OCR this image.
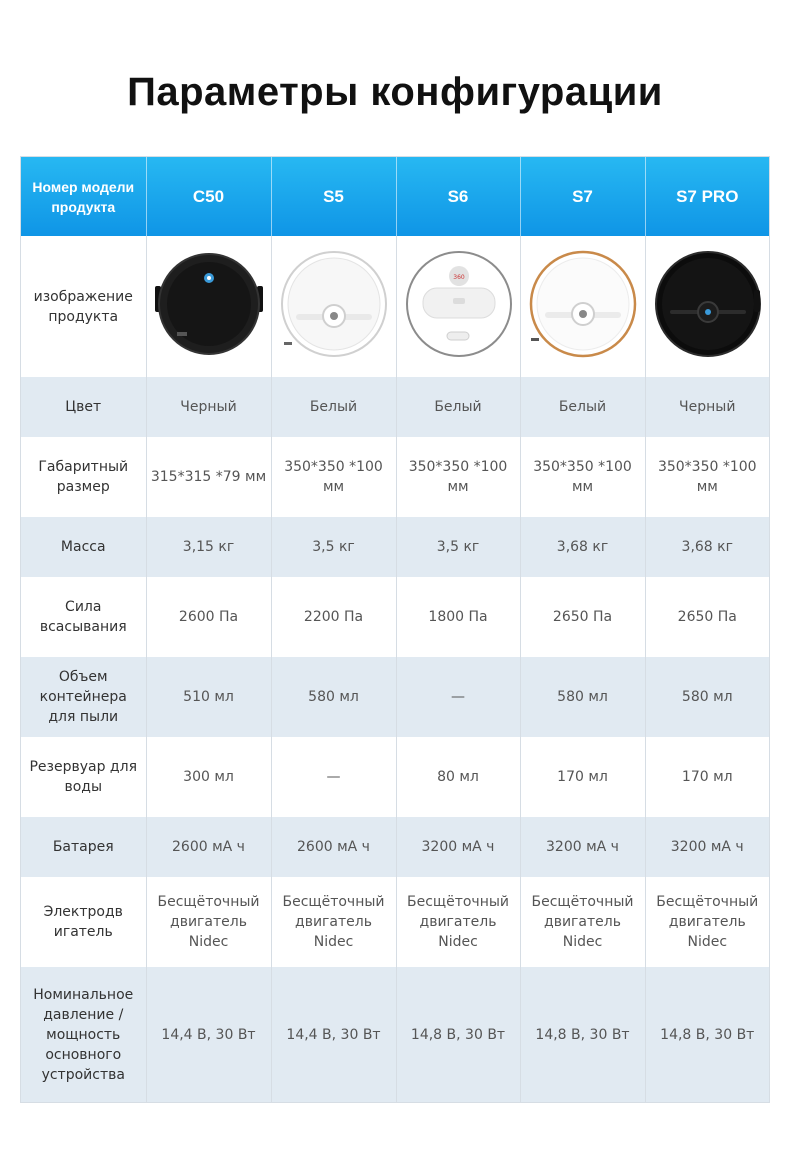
Параметры конфигурации
Номер модели продукта	C50	S5	S6	S7	S7 PRO
изображение продукта			360

Цвет	Черный	Белый	Белый	Белый	Черный
Габаритный размер	315*315 *79 мм	350*350 *100 мм	350*350 *100 мм	350*350 *100 мм	350*350 *100 мм
Масса	3,15 кг	3,5 кг	3,5 кг	3,68 кг	3,68 кг
Сила всасывания	2600 Па	2200 Па	1800 Па	2650 Па	2650 Па
Объем контейнера для пыли	510 мл	580 мл	—	580 мл	580 мл
Резервуар для воды	300 мл	—	80 мл	170 мл	170 мл
Батарея	2600 мА ч	2600 мА ч	3200 мА ч	3200 мА ч	3200 мА ч
Электродв игатель	Бесщёточный двигатель Nidec	Бесщёточный двигатель Nidec	Бесщёточный двигатель Nidec	Бесщёточный двигатель Nidec	Бесщёточный двигатель Nidec
Номинальное давление /мощность основного устройства	14,4 В, 30 Вт	14,4 В, 30 Вт	14,8 В, 30 Вт	14,8 В, 30 Вт	14,8 В, 30 Вт
